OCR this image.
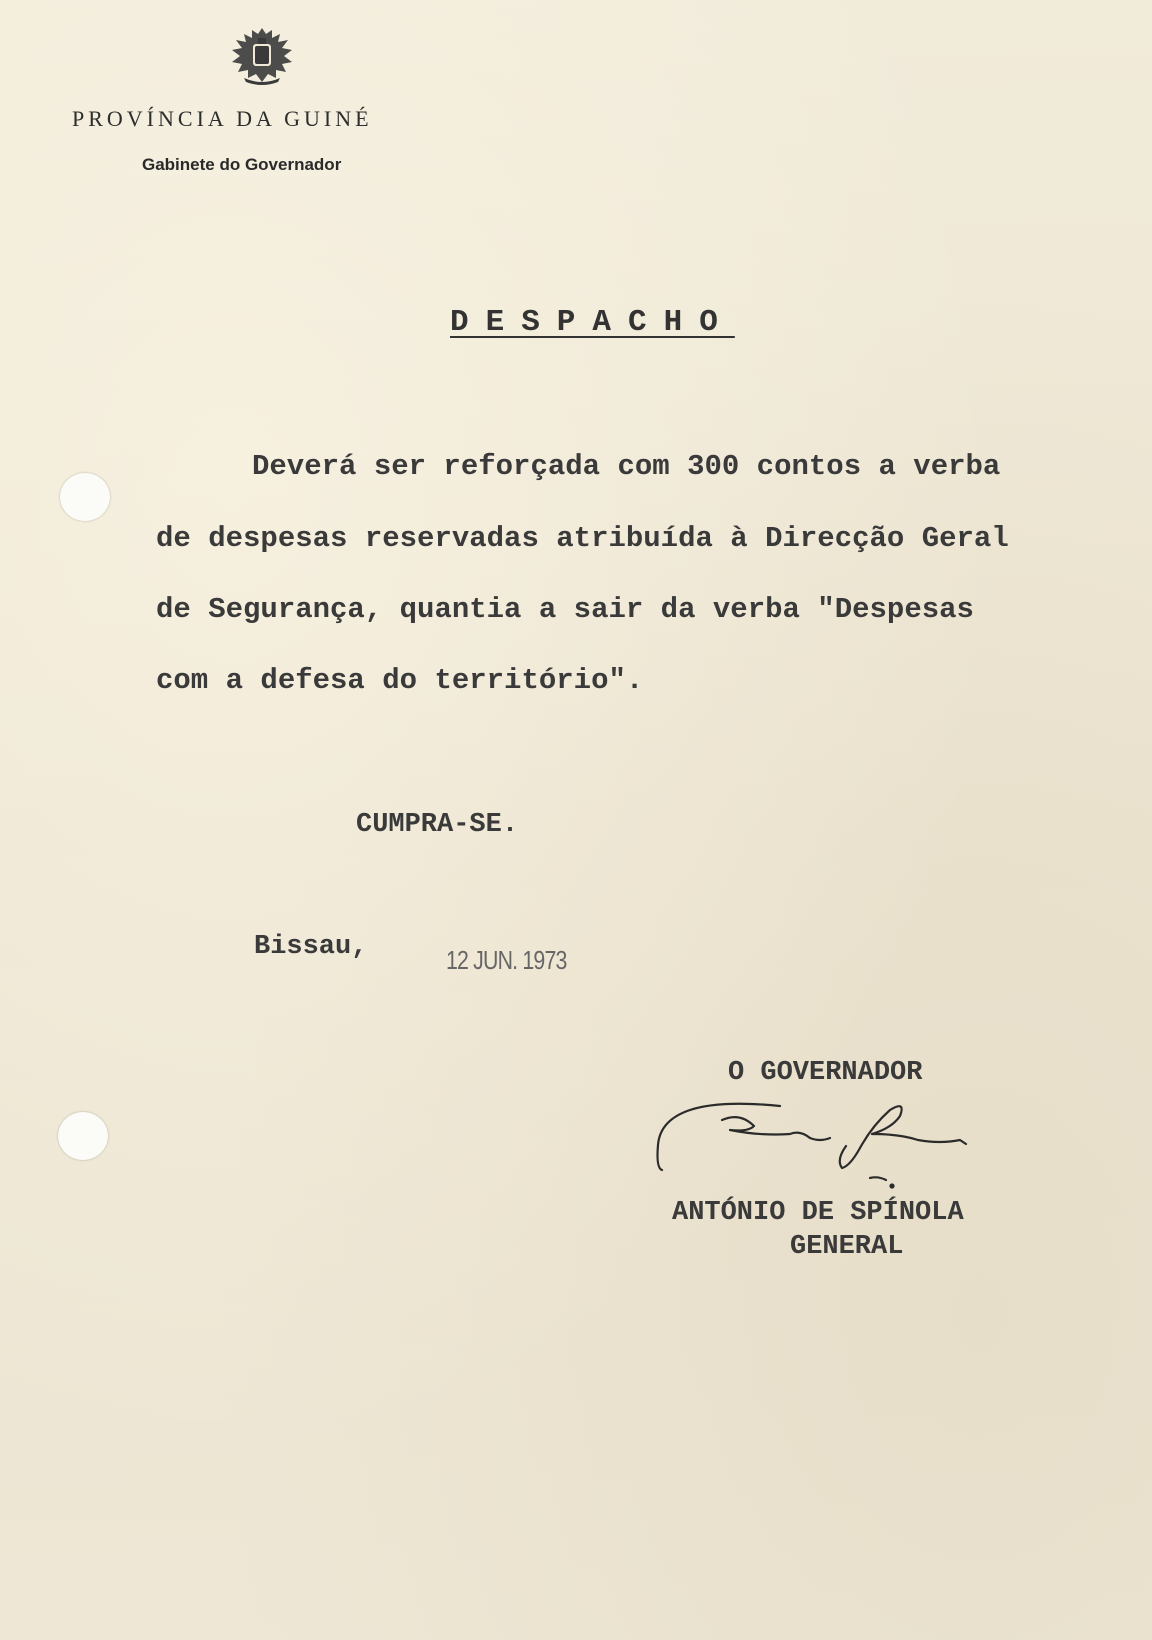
PROVÍNCIA DA GUINÉ
Gabinete do Governador
DESPACHO
Deverá ser reforçada com 300 contos a verba
de despesas reservadas atribuída à Direcção Geral
de Segurança, quantia a sair da verba "Despesas
com a defesa do território".
CUMPRA-SE.
Bissau,	12 JUN. 1973
O GOVERNADOR
ANTÓNIO DE SPÍNOLA
GENERAL
